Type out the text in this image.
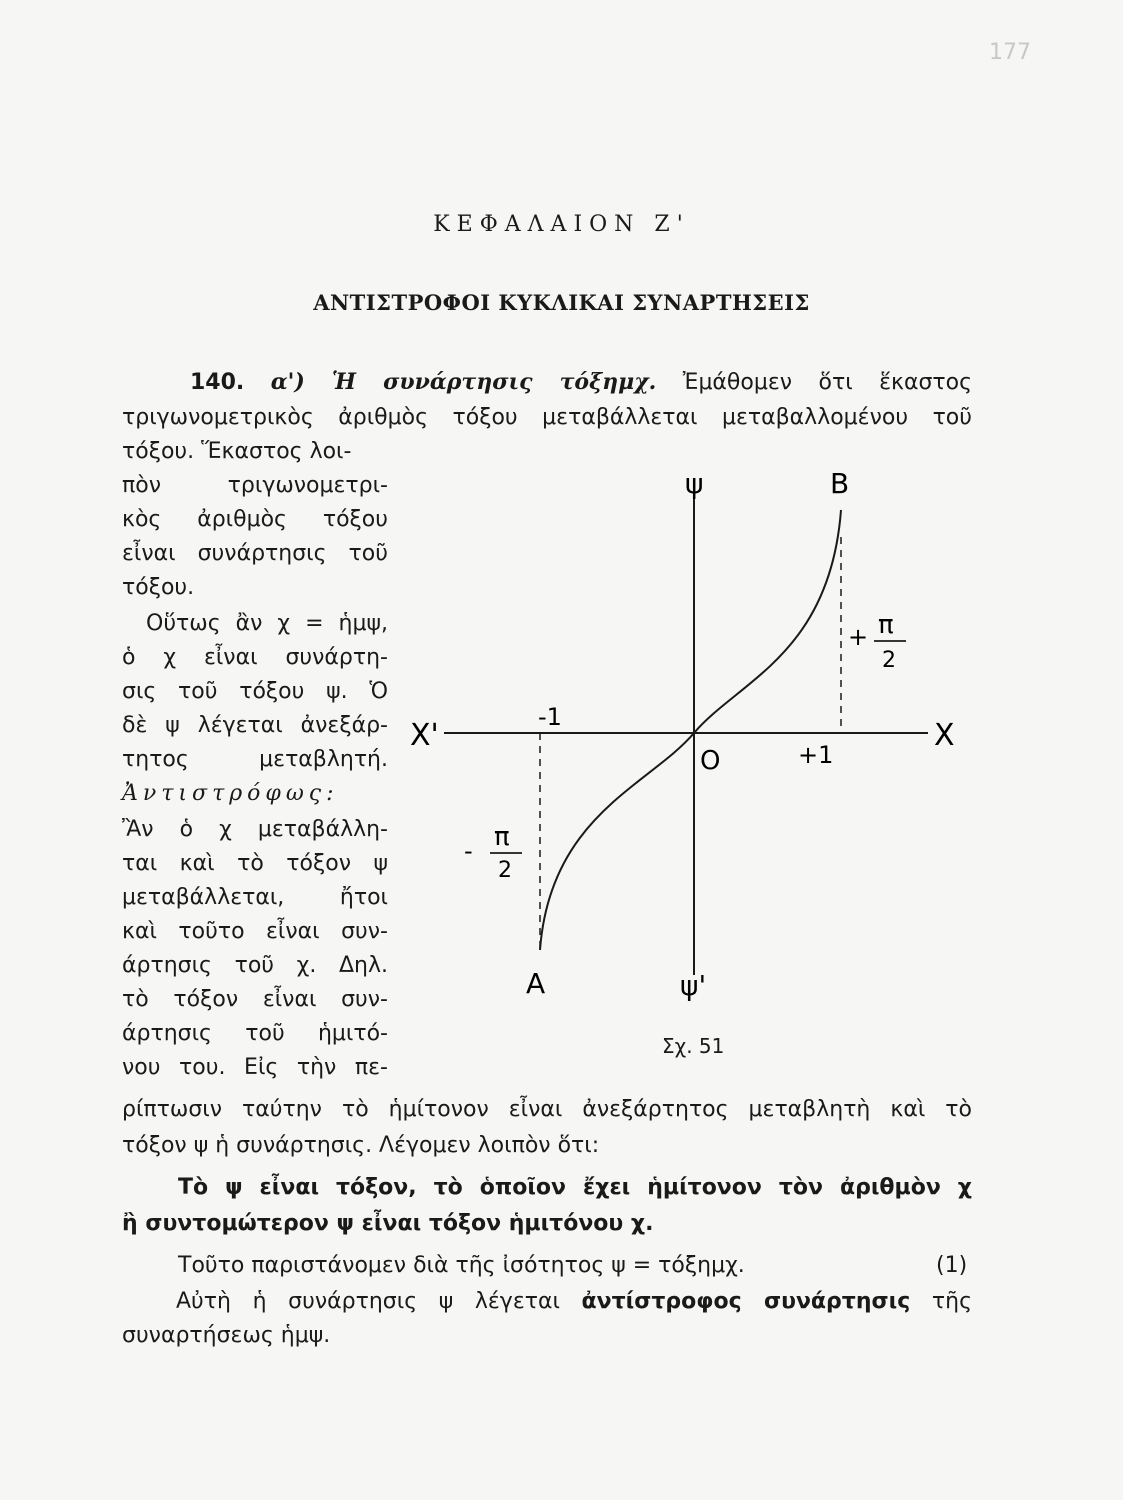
177
ΚΕΦΑΛΑΙΟΝ Ζ'
ΑΝΤΙΣΤΡΟΦΟΙ ΚΥΚΛΙΚΑΙ ΣΥΝΑΡΤΗΣΕΙΣ
140. α') Ἡ συνάρτησις τόξημχ. Ἐμάθομεν ὅτι ἕκαστος
τριγωνομετρικὸς ἀριθμὸς τόξου μεταβάλλεται μεταβαλλομένου τοῦ
τόξου. Ἕκαστος λοι-
πὸν τριγωνομετρι-
κὸς ἀριθμὸς τόξου
εἶναι συνάρτησις τοῦ
τόξου.
Οὕτως ἂν χ = ἡμψ,
ὁ χ εἶναι συνάρτη-
σις τοῦ τόξου ψ. Ὁ
δὲ ψ λέγεται ἀνεξάρ-
τητος μεταβλητή.
Ἀντιστρόφως:
Ἂν ὁ χ μεταβάλλη-
ται καὶ τὸ τόξον ψ
μεταβάλλεται, ἤτοι
καὶ τοῦτο εἶναι συν-
άρτησις τοῦ χ. Δηλ.
τὸ τόξον εἶναι συν-
άρτησις τοῦ ἡμιτό-
νου του. Εἰς τὴν πε-
ρίπτωσιν ταύτην τὸ ἡμίτονον εἶναι ἀνεξάρτητος μεταβλητὴ καὶ τὸ
τόξον ψ ἡ συνάρτησις. Λέγομεν λοιπὸν ὅτι:
Τὸ ψ εἶναι τόξον, τὸ ὁποῖον ἔχει ἡμίτονον τὸν ἀριθμὸν χ
ἢ συντομώτερον ψ εἶναι τόξον ἡμιτόνου χ.
Τοῦτο παριστάνομεν διὰ τῆς ἰσότητος ψ = τόξημχ.	(1)
Αὐτὴ ἡ συνάρτησις ψ λέγεται ἀντίστροφος συνάρτησις τῆς
συναρτήσεως ἡμψ.
ψ	Β
Χ'	Χ
Ο
-1
+1
Α	ψ'
+ π
2
- π
2
Σχ. 51
